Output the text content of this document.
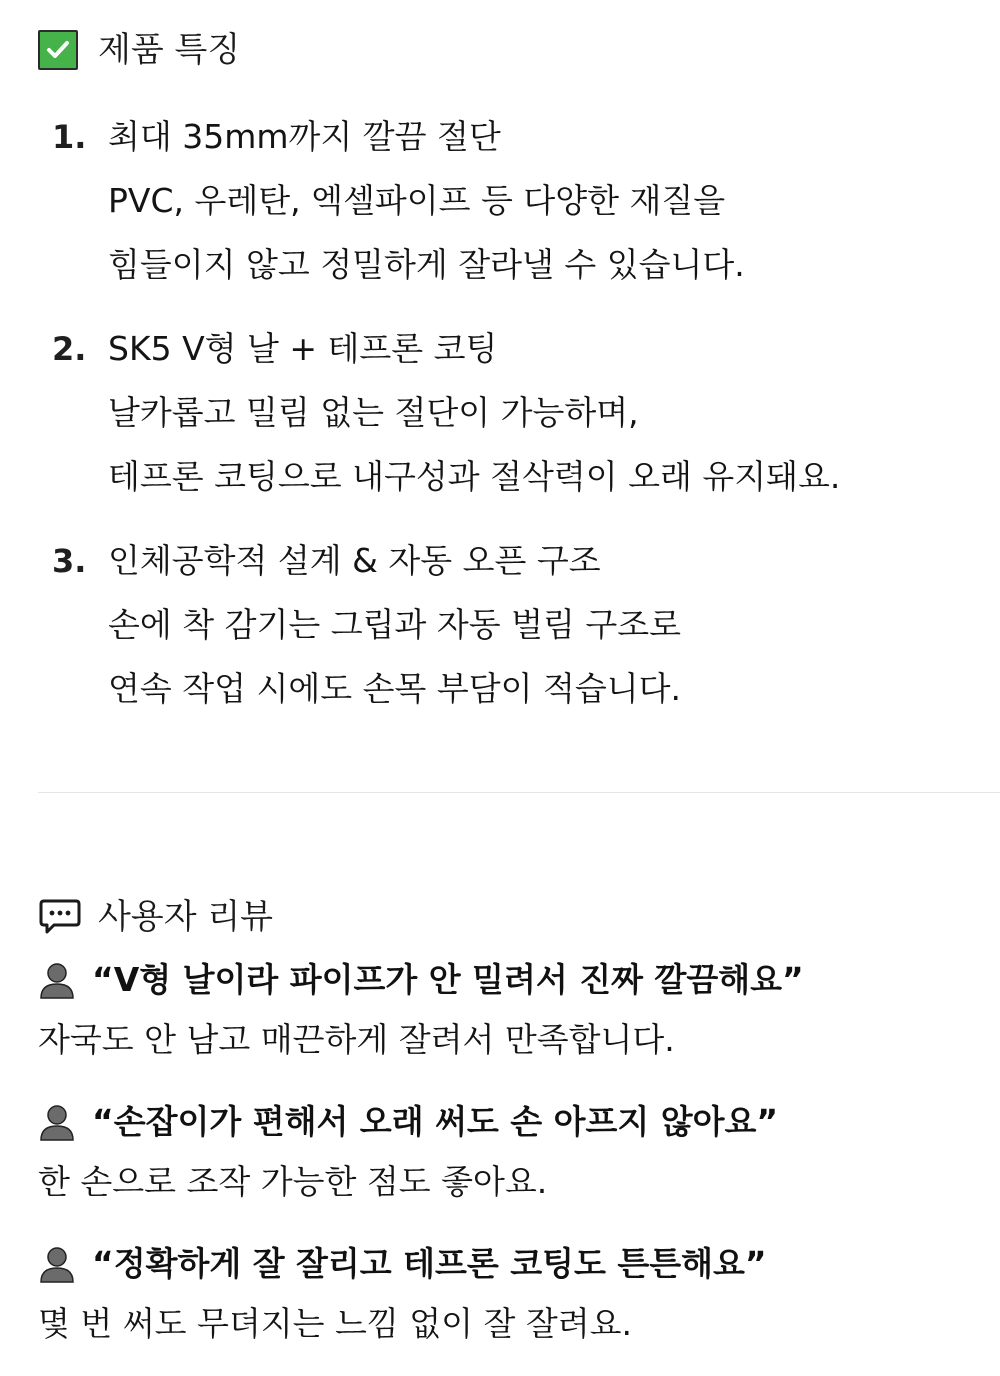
제품 특징
1. 최대 35mm까지 깔끔 절단
PVC, 우레탄, 엑셀파이프 등 다양한 재질을
힘들이지 않고 정밀하게 잘라낼 수 있습니다.
2. SK5 V형 날 + 테프론 코팅
날카롭고 밀림 없는 절단이 가능하며,
테프론 코팅으로 내구성과 절삭력이 오래 유지돼요.
3. 인체공학적 설계 & 자동 오픈 구조
손에 착 감기는 그립과 자동 벌림 구조로
연속 작업 시에도 손목 부담이 적습니다.
사용자 리뷰
“V형 날이라 파이프가 안 밀려서 진짜 깔끔해요”
자국도 안 남고 매끈하게 잘려서 만족합니다.
“손잡이가 편해서 오래 써도 손 아프지 않아요”
한 손으로 조작 가능한 점도 좋아요.
“정확하게 잘 잘리고 테프론 코팅도 튼튼해요”
몇 번 써도 무뎌지는 느낌 없이 잘 잘려요.
